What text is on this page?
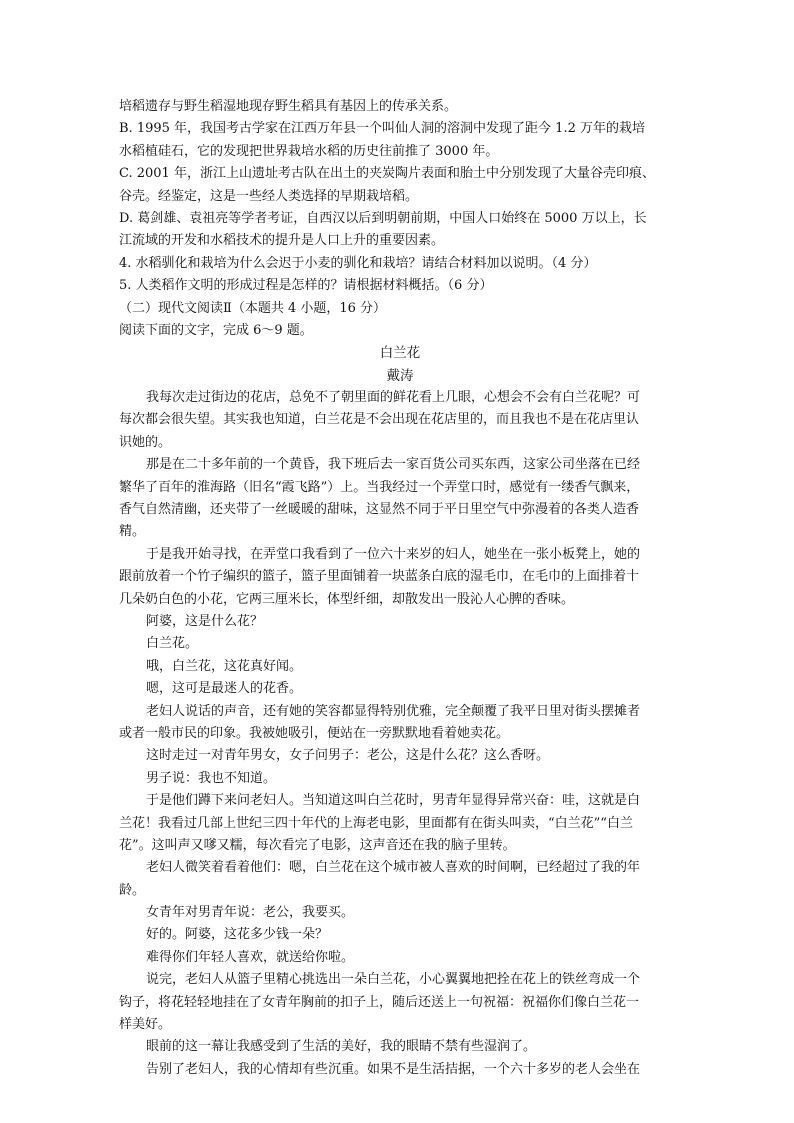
培稻遗存与野生稻湿地现存野生稻具有基因上的传承关系。
B. 1995 年，我国考古学家在江西万年县一个叫仙人洞的溶洞中发现了距今 1.2 万年的栽培
水稻植硅石，它的发现把世界栽培水稻的历史往前推了 3000 年。
C. 2001 年，浙江上山遗址考古队在出土的夹炭陶片表面和胎土中分别发现了大量谷壳印痕、
谷壳。经鉴定，这是一些经人类选择的早期栽培稻。
D. 葛剑雄、袁祖亮等学者考证，自西汉以后到明朝前期，中国人口始终在 5000 万以上，长
江流域的开发和水稻技术的提升是人口上升的重要因素。
4. 水稻驯化和栽培为什么会迟于小麦的驯化和栽培？请结合材料加以说明。（4 分）
5. 人类稻作文明的形成过程是怎样的？请根据材料概括。（6 分）
（二）现代文阅读Ⅱ（本题共 4 小题，16 分）
阅读下面的文字，完成 6～9 题。
白兰花
戴涛
我每次走过街边的花店，总免不了朝里面的鲜花看上几眼，心想会不会有白兰花呢？可
每次都会很失望。其实我也知道，白兰花是不会出现在花店里的，而且我也不是在花店里认
识她的。
那是在二十多年前的一个黄昏，我下班后去一家百货公司买东西，这家公司坐落在已经
繁华了百年的淮海路（旧名“霞飞路”）上。当我经过一个弄堂口时，感觉有一缕香气飘来，
香气自然清幽，还夹带了一丝暖暖的甜味，这显然不同于平日里空气中弥漫着的各类人造香
精。
于是我开始寻找，在弄堂口我看到了一位六十来岁的妇人，她坐在一张小板凳上，她的
跟前放着一个竹子编织的篮子，篮子里面铺着一块蓝条白底的湿毛巾，在毛巾的上面排着十
几朵奶白色的小花，它两三厘米长，体型纤细，却散发出一股沁人心脾的香味。
阿婆，这是什么花？
白兰花。
哦，白兰花，这花真好闻。
嗯，这可是最迷人的花香。
老妇人说话的声音，还有她的笑容都显得特别优雅，完全颠覆了我平日里对街头摆摊者
或者一般市民的印象。我被她吸引，便站在一旁默默地看着她卖花。
这时走过一对青年男女，女子问男子：老公，这是什么花？这么香呀。
男子说：我也不知道。
于是他们蹲下来问老妇人。当知道这叫白兰花时，男青年显得异常兴奋：哇，这就是白
兰花！我看过几部上世纪三四十年代的上海老电影，里面都有在街头叫卖，“白兰花”“白兰
花”。这叫声又嗲又糯，每次看完了电影，这声音还在我的脑子里转。
老妇人微笑着看着他们：嗯，白兰花在这个城市被人喜欢的时间啊，已经超过了我的年
龄。
女青年对男青年说：老公，我要买。
好的。阿婆，这花多少钱一朵？
难得你们年轻人喜欢，就送给你啦。
说完，老妇人从篮子里精心挑选出一朵白兰花，小心翼翼地把拴在花上的铁丝弯成一个
钩子，将花轻轻地挂在了女青年胸前的扣子上，随后还送上一句祝福：祝福你们像白兰花一
样美好。
眼前的这一幕让我感受到了生活的美好，我的眼睛不禁有些湿润了。
告别了老妇人，我的心情却有些沉重。如果不是生活拮据，一个六十多岁的老人会坐在
